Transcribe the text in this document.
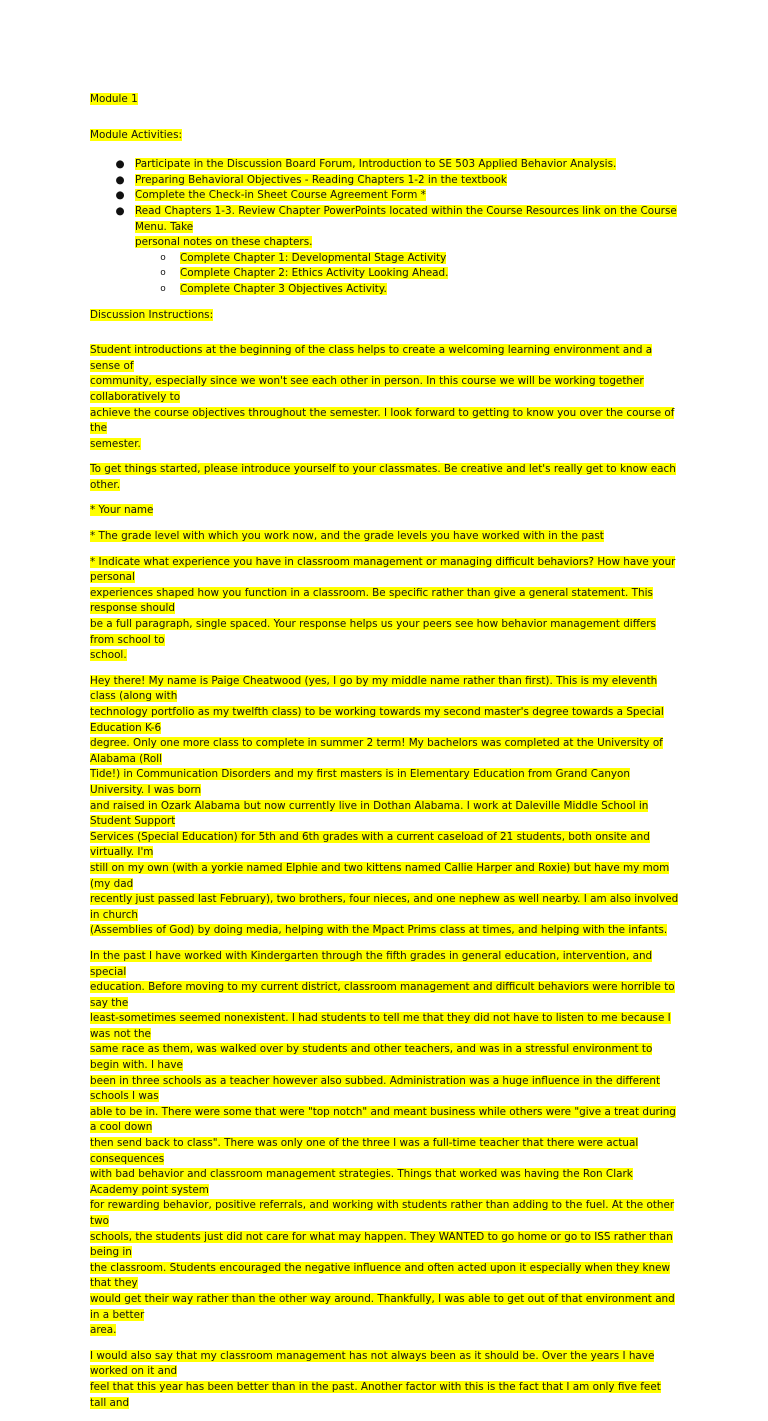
Module 1

Module Activities:

● Participate in the Discussion Board Forum, Introduction to SE 503 Applied Behavior Analysis.
● Preparing Behavioral Objectives - Reading Chapters 1-2 in the textbook
● Complete the Check-in Sheet Course Agreement Form *
● Read Chapters 1-3. Review Chapter PowerPoints located within the Course Resources link on the Course Menu. Take
personal notes on these chapters.
o	Complete Chapter 1: Developmental Stage Activity
o	Complete Chapter 2: Ethics Activity Looking Ahead.
o	Complete Chapter 3 Objectives Activity.

Discussion Instructions:

Student introductions at the beginning of the class helps to create a welcoming learning environment and a sense of
community, especially since we won't see each other in person. In this course we will be working together collaboratively to
achieve the course objectives throughout the semester. I look forward to getting to know you over the course of the
semester.

To get things started, please introduce yourself to your classmates. Be creative and let's really get to know each other.

* Your name

* The grade level with which you work now, and the grade levels you have worked with in the past

* Indicate what experience you have in classroom management or managing difficult behaviors? How have your personal
experiences shaped how you function in a classroom. Be specific rather than give a general statement. This response should
be a full paragraph, single spaced. Your response helps us your peers see how behavior management differs from school to
school.

Hey there! My name is Paige Cheatwood (yes, I go by my middle name rather than first). This is my eleventh class (along with
technology portfolio as my twelfth class) to be working towards my second master's degree towards a Special Education K-6
degree. Only one more class to complete in summer 2 term! My bachelors was completed at the University of Alabama (Roll
Tide!) in Communication Disorders and my first masters is in Elementary Education from Grand Canyon University. I was born
and raised in Ozark Alabama but now currently live in Dothan Alabama. I work at Daleville Middle School in Student Support
Services (Special Education) for 5th and 6th grades with a current caseload of 21 students, both onsite and virtually. I'm
still on my own (with a yorkie named Elphie and two kittens named Callie Harper and Roxie) but have my mom (my dad
recently just passed last February), two brothers, four nieces, and one nephew as well nearby. I am also involved in church
(Assemblies of God) by doing media, helping with the Mpact Prims class at times, and helping with the infants.

In the past I have worked with Kindergarten through the fifth grades in general education, intervention, and special
education. Before moving to my current district, classroom management and difficult behaviors were horrible to say the
least-sometimes seemed nonexistent. I had students to tell me that they did not have to listen to me because I was not the
same race as them, was walked over by students and other teachers, and was in a stressful environment to begin with. I have
been in three schools as a teacher however also subbed. Administration was a huge influence in the different schools I was
able to be in. There were some that were "top notch" and meant business while others were "give a treat during a cool down
then send back to class". There was only one of the three I was a full-time teacher that there were actual consequences
with bad behavior and classroom management strategies. Things that worked was having the Ron Clark Academy point system
for rewarding behavior, positive referrals, and working with students rather than adding to the fuel. At the other two
schools, the students just did not care for what may happen. They WANTED to go home or go to ISS rather than being in
the classroom. Students encouraged the negative influence and often acted upon it especially when they knew that they
would get their way rather than the other way around. Thankfully, I was able to get out of that environment and in a better
area.

I would also say that my classroom management has not always been as it should be. Over the years I have worked on it and
feel that this year has been better than in the past. Another factor with this is the fact that I am only five feet tall and
